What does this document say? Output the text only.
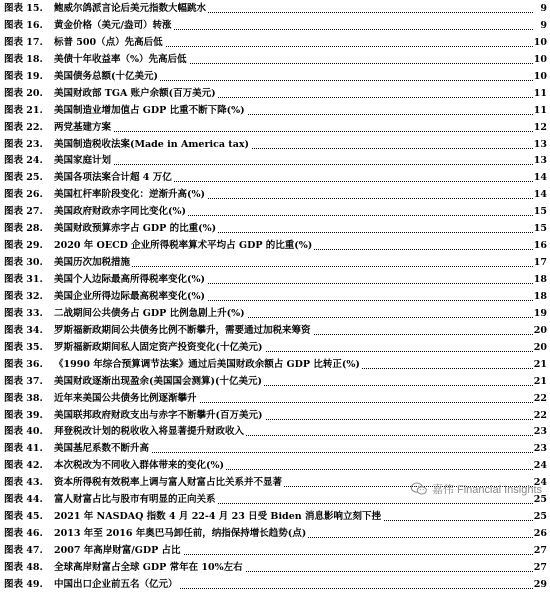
图表 15.	鲍威尔鸽派言论后美元指数大幅跳水	9
图表 16.	黄金价格（美元/盎司）转涨	9
图表 17.	标普 500（点）先高后低	10
图表 18.	美债十年收益率（%）先高后低	10
图表 19.	美国债务总额(十亿美元)	10
图表 20.	美国财政部 TGA 账户余额(百万美元)	11
图表 21.	美国制造业增加值占 GDP 比重不断下降(%)	11
图表 22.	两党基建方案	12
图表 23.	美国制造税收法案(Made in America tax)	13
图表 24.	美国家庭计划	13
图表 25.	美国各项法案合计超 4 万亿	14
图表 26.	美国杠杆率阶段变化：逆渐升高(%)	14
图表 27.	美国政府财政赤字同比变化(%)	15
图表 28.	美国财政预算赤字占 GDP 的比重(%)	15
图表 29.	2020 年 OECD 企业所得税率算术平均占 GDP 的比重(%)	16
图表 30.	美国历次加税措施	17
图表 31.	美国个人边际最高所得税率变化(%)	18
图表 32.	美国企业所得边际最高税率变化(%)	18
图表 33.	二战期间公共债务占 GDP 比例急剧上升(%)	19
图表 34.	罗斯福新政期间公共债务比例不断攀升，需要通过加税来筹资	20
图表 35.	罗斯福新政期间私人固定资产投资变化(十亿美元)	20
图表 36.	《1990 年综合预算调节法案》通过后美国财政余额占 GDP 比转正(%)	21
图表 37.	美国财政逐渐出现盈余(美国国会测算)(十亿美元)	21
图表 38.	近年来美国公共债务比例逐渐攀升	22
图表 39.	美国联邦政府财政支出与赤字不断攀升(百万美元)	22
图表 40.	拜登税改计划的税收收入将显著提升财政收入	23
图表 41.	美国基尼系数不断升高	23
图表 42.	本次税改为不同收入群体带来的变化(%)	24
图表 43.	资本所得税有效税率上调与富人财富占比关系并不显著	24
图表 44.	富人财富占比与股市有明显的正向关系	25
图表 45.	2021 年 NASDAQ 指数 4 月 22-4 月 23 日受 Biden 消息影响立刻下挫	25
图表 46.	2013 年至 2016 年奥巴马卸任前，纳指保持增长趋势(点)	26
图表 47.	2007 年高岸财富/GDP 占比	27
图表 48.	全球高岸财富占全球 GDP 常年在 10%左右	27
图表 49.	中国出口企业前五名（亿元）	29
嘉伟 Financial Insights
